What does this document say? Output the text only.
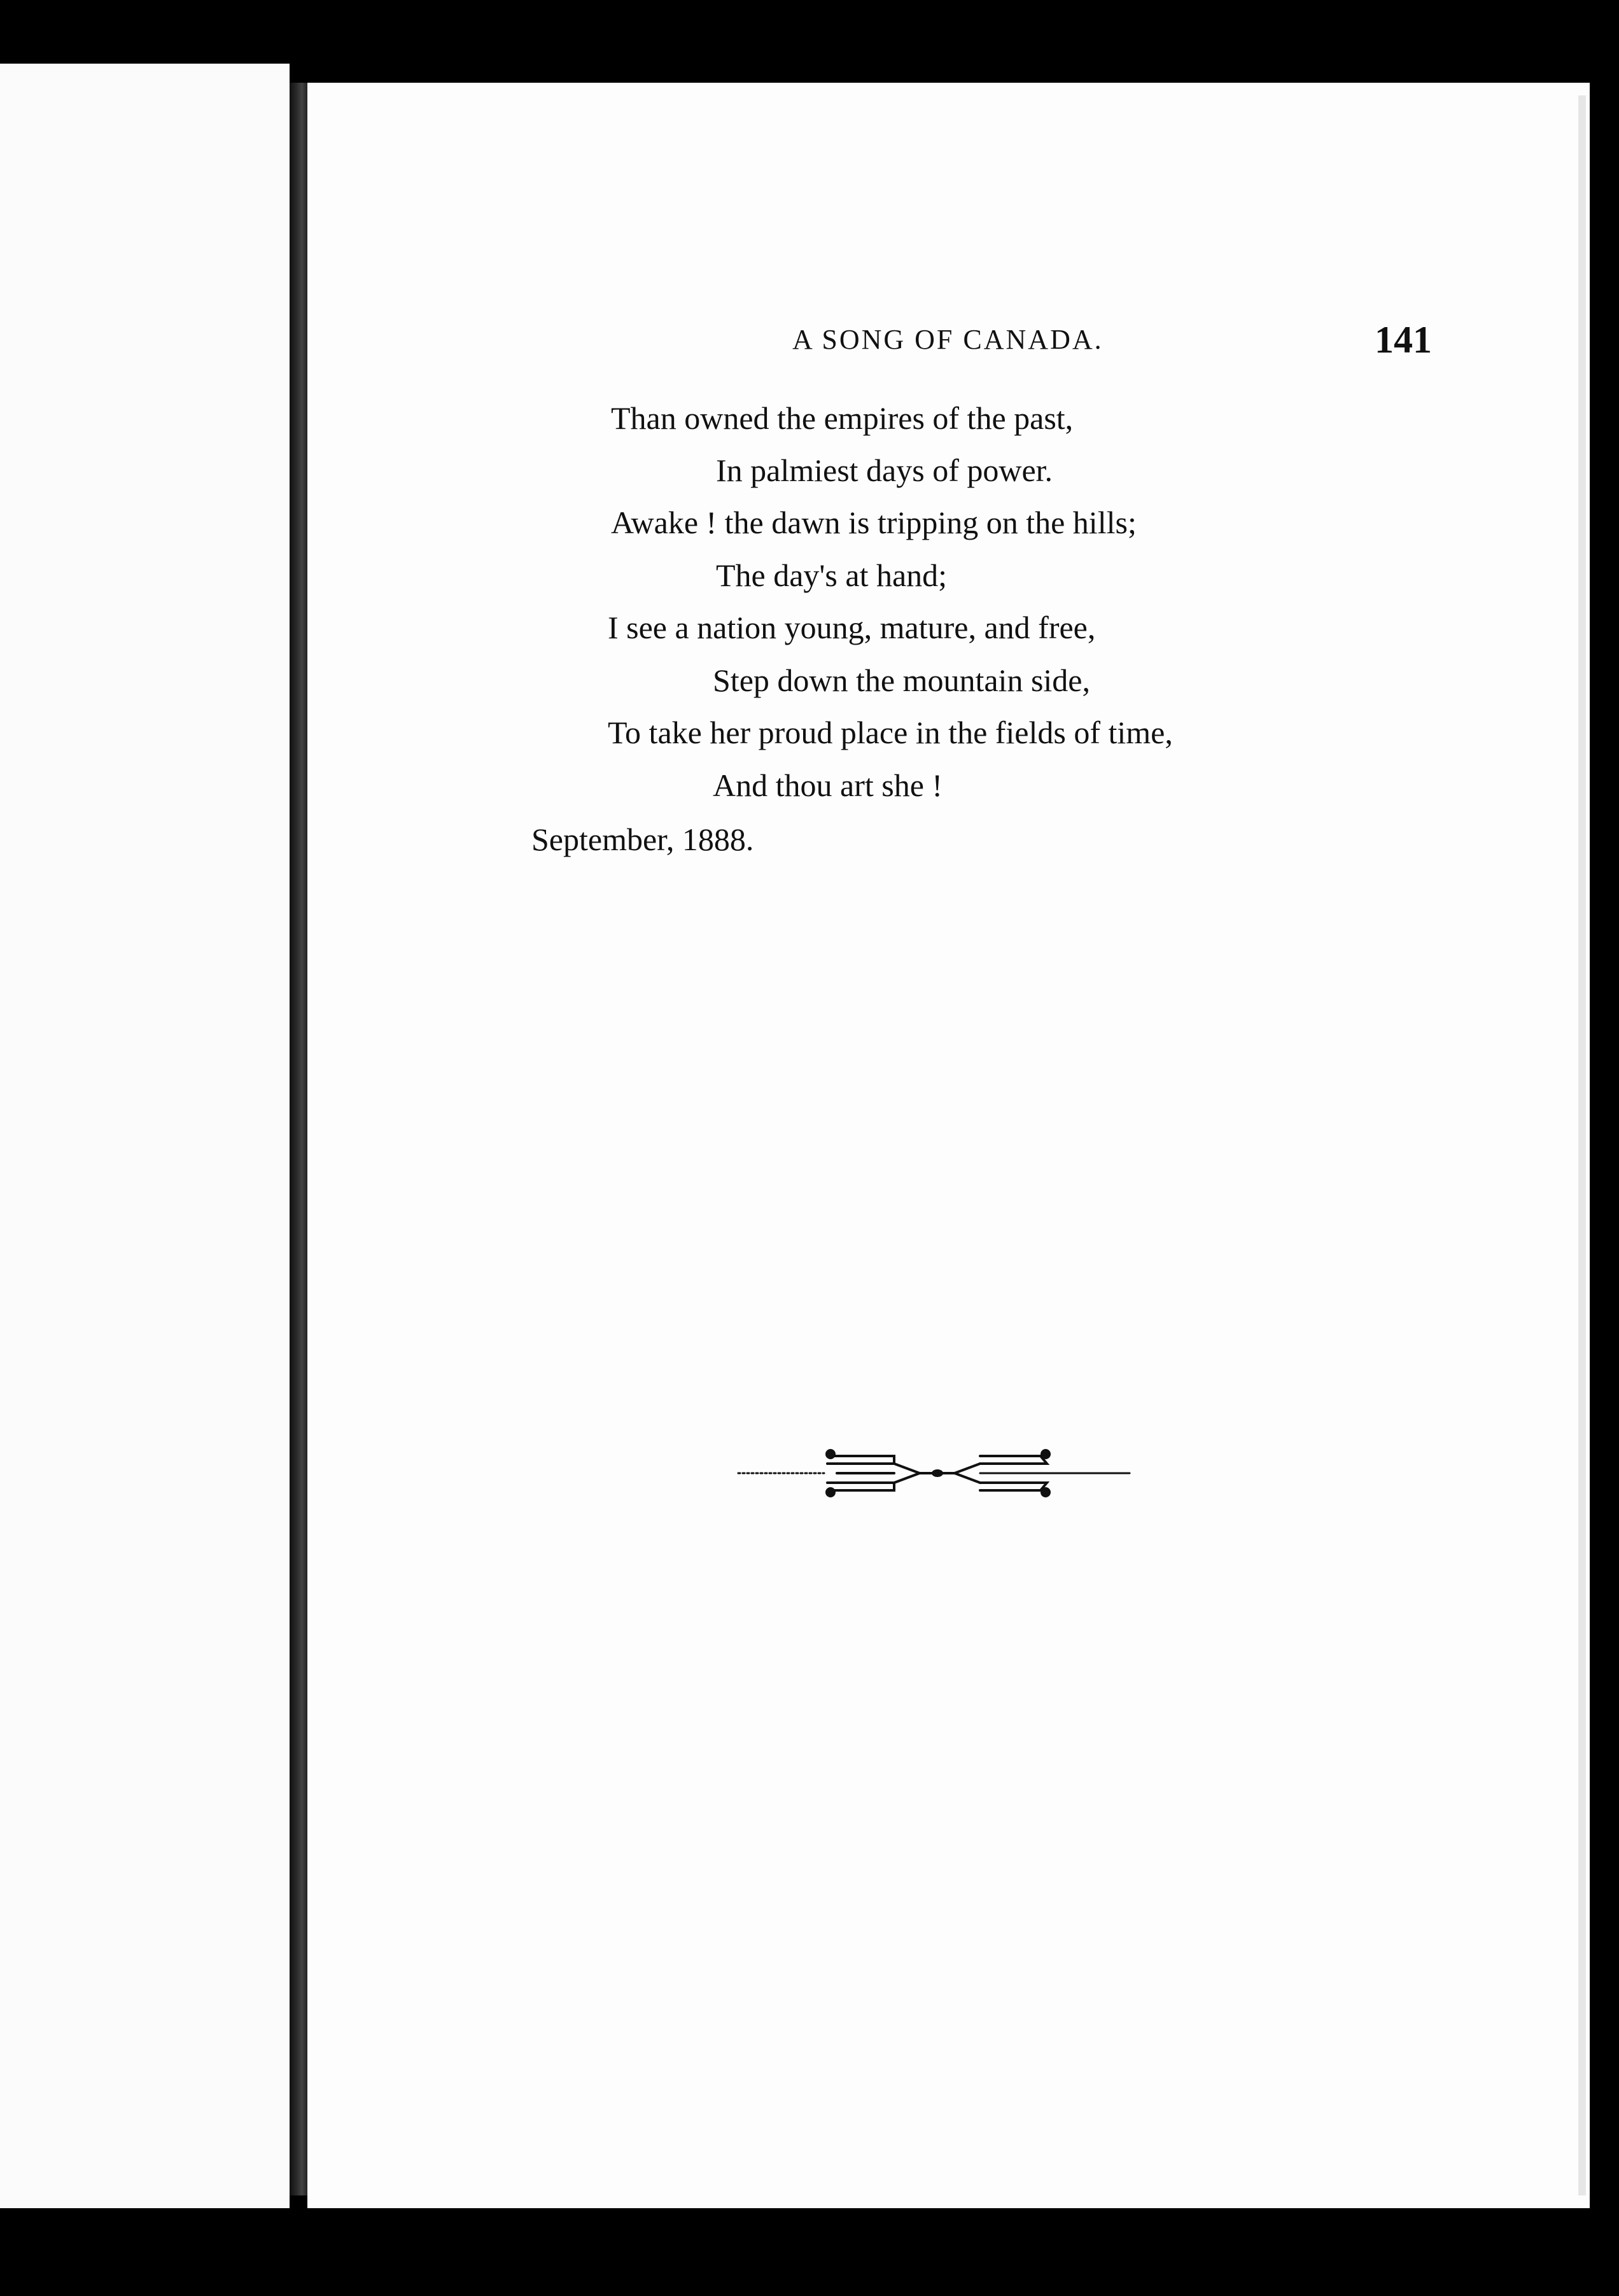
A SONG OF CANADA.	141
Than owned the empires of the past,
In palmiest days of power.
Awake ! the dawn is tripping on the hills;
The day's at hand;
I see a nation young, mature, and free,
Step down the mountain side,
To take her proud place in the fields of time,
And thou art she !
September, 1888.
